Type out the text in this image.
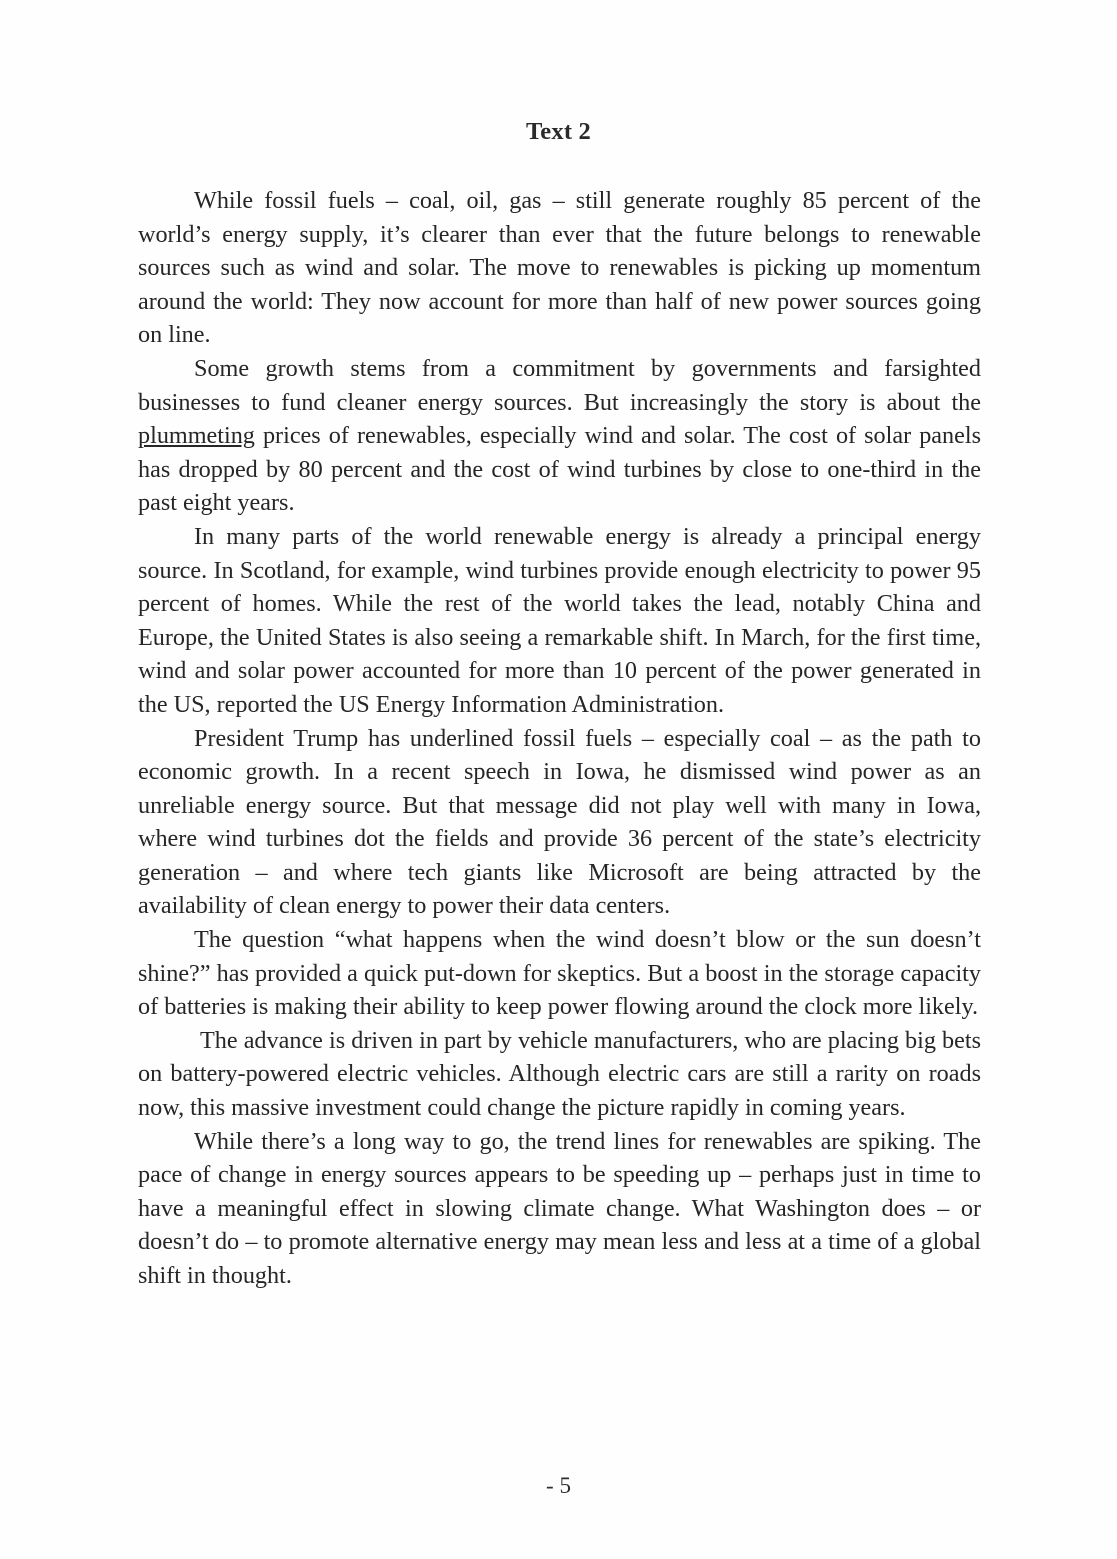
Text 2

While fossil fuels – coal, oil, gas – still generate roughly 85 percent of the world’s energy supply, it’s clearer than ever that the future belongs to renewable sources such as wind and solar. The move to renewables is picking up momentum around the world: They now account for more than half of new power sources going on line.

Some growth stems from a commitment by governments and farsighted businesses to fund cleaner energy sources. But increasingly the story is about the plummeting prices of renewables, especially wind and solar. The cost of solar panels has dropped by 80 percent and the cost of wind turbines by close to one-third in the past eight years.

In many parts of the world renewable energy is already a principal energy source. In Scotland, for example, wind turbines provide enough electricity to power 95 percent of homes. While the rest of the world takes the lead, notably China and Europe, the United States is also seeing a remarkable shift. In March, for the first time, wind and solar power accounted for more than 10 percent of the power generated in the US, reported the US Energy Information Administration.

President Trump has underlined fossil fuels – especially coal – as the path to economic growth. In a recent speech in Iowa, he dismissed wind power as an unreliable energy source. But that message did not play well with many in Iowa, where wind turbines dot the fields and provide 36 percent of the state’s electricity generation – and where tech giants like Microsoft are being attracted by the availability of clean energy to power their data centers.

The question “what happens when the wind doesn’t blow or the sun doesn’t shine?” has provided a quick put-down for skeptics. But a boost in the storage capacity of batteries is making their ability to keep power flowing around the clock more likely.

The advance is driven in part by vehicle manufacturers, who are placing big bets on battery-powered electric vehicles. Although electric cars are still a rarity on roads now, this massive investment could change the picture rapidly in coming years.

While there’s a long way to go, the trend lines for renewables are spiking. The pace of change in energy sources appears to be speeding up – perhaps just in time to have a meaningful effect in slowing climate change. What Washington does – or doesn’t do – to promote alternative energy may mean less and less at a time of a global shift in thought.

- 5
